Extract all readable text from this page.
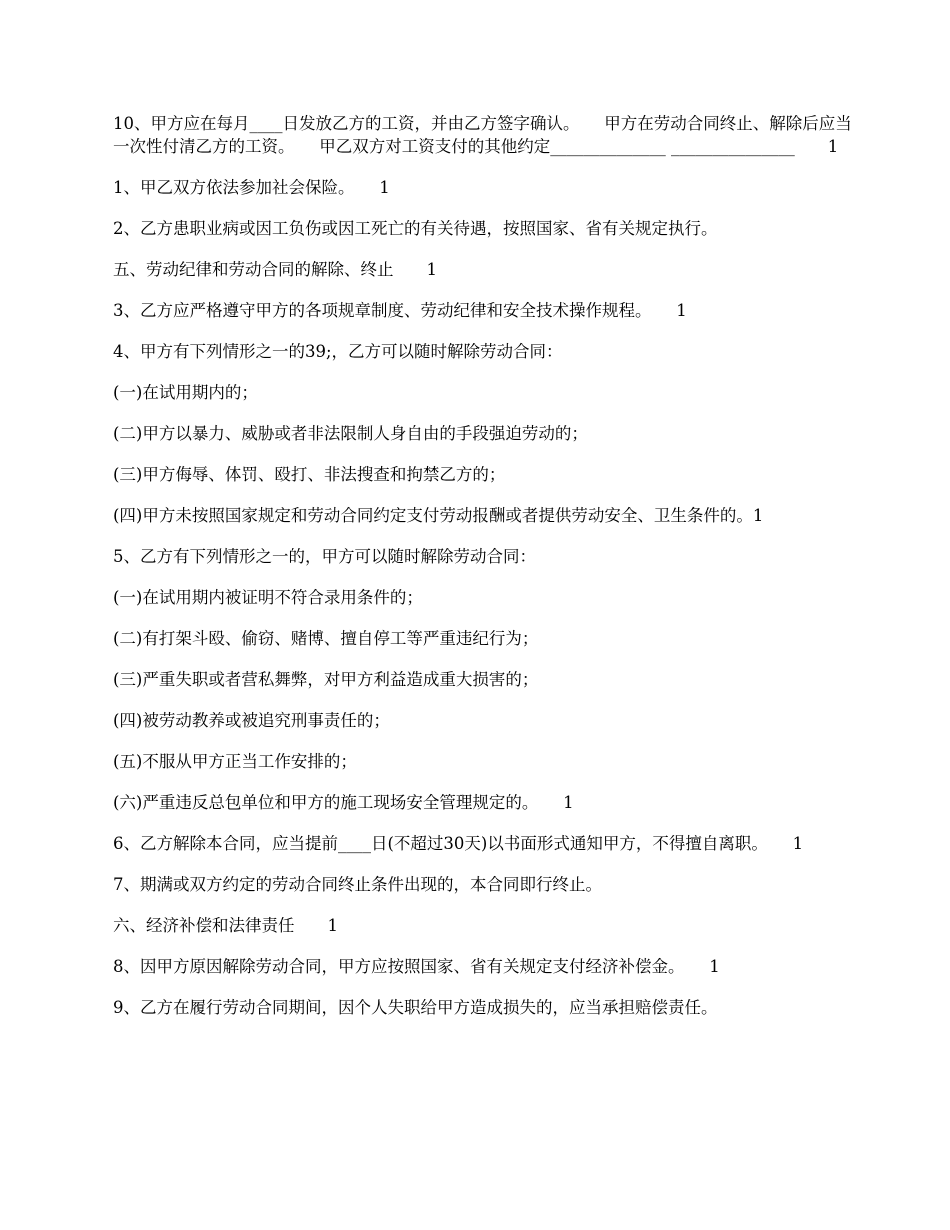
10、甲方应在每月____日发放乙方的工资，并由乙方签字确认。　　甲方在劳动合同终止、解除后应当一次性付清乙方的工资。　　甲乙双方对工资支付的其他约定______________ _______________　　1

1、甲乙双方依法参加社会保险。　　1

2、乙方患职业病或因工负伤或因工死亡的有关待遇，按照国家、省有关规定执行。

五、劳动纪律和劳动合同的解除、终止　　1

3、乙方应严格遵守甲方的各项规章制度、劳动纪律和安全技术操作规程。　　1

4、甲方有下列情形之一的39;，乙方可以随时解除劳动合同：

(一)在试用期内的；

(二)甲方以暴力、威胁或者非法限制人身自由的手段强迫劳动的；

(三)甲方侮辱、体罚、殴打、非法搜查和拘禁乙方的；

(四)甲方未按照国家规定和劳动合同约定支付劳动报酬或者提供劳动安全、卫生条件的。1

5、乙方有下列情形之一的，甲方可以随时解除劳动合同：

(一)在试用期内被证明不符合录用条件的；

(二)有打架斗殴、偷窃、赌博、擅自停工等严重违纪行为；

(三)严重失职或者营私舞弊，对甲方利益造成重大损害的；

(四)被劳动教养或被追究刑事责任的；

(五)不服从甲方正当工作安排的；

(六)严重违反总包单位和甲方的施工现场安全管理规定的。　　1

6、乙方解除本合同，应当提前____日(不超过30天)以书面形式通知甲方，不得擅自离职。　　1

7、期满或双方约定的劳动合同终止条件出现的，本合同即行终止。

六、经济补偿和法律责任　　1

8、因甲方原因解除劳动合同，甲方应按照国家、省有关规定支付经济补偿金。　　1

9、乙方在履行劳动合同期间，因个人失职给甲方造成损失的，应当承担赔偿责任。
